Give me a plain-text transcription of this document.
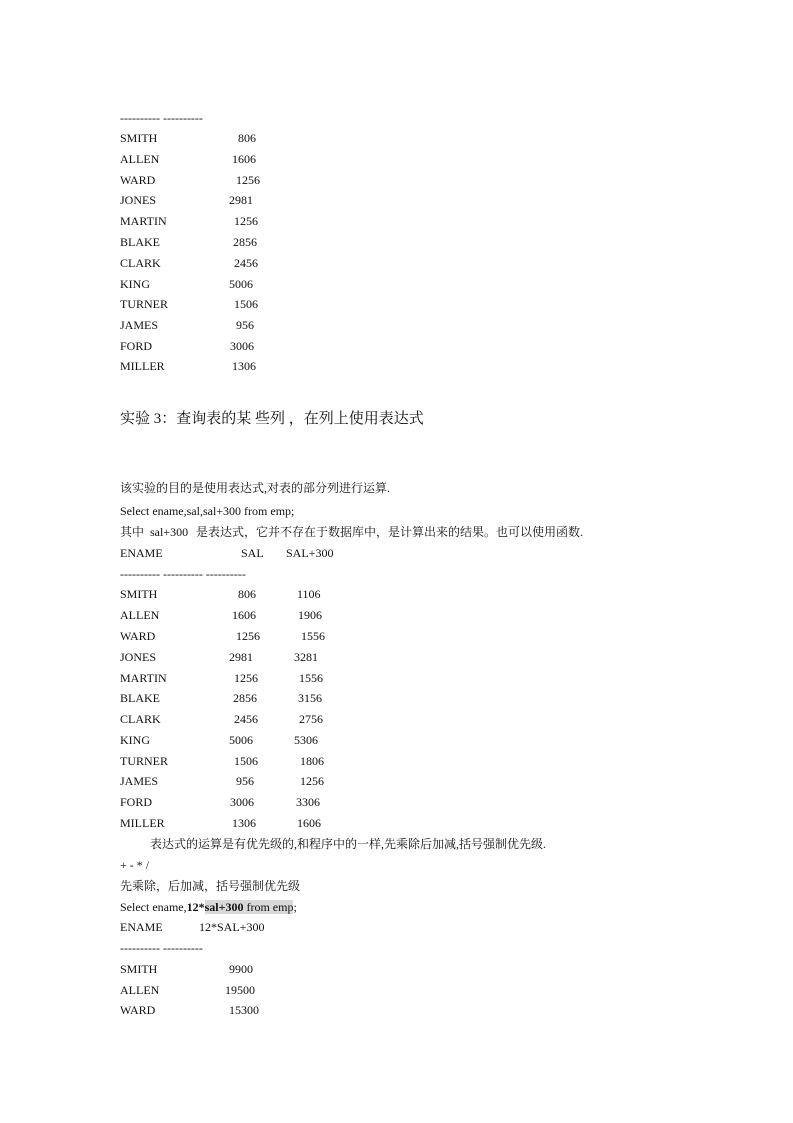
---------- ----------
SMITH	806
ALLEN	1606
WARD	1256
JONES	2981
MARTIN	1256
BLAKE	2856
CLARK	2456
KING	5006
TURNER	1506
JAMES	956
FORD	3006
MILLER	1306
实验 3：查询表的某 些列 ，在列上使用表达式
该实验的目的是使用表达式,对表的部分列进行运算.
Select ename,sal,sal+300 from emp;
其中 sal+300 是表达式，它并不存在于数据库中，是计算出来的结果。也可以使用函数.
ENAME	SAL SAL+300
---------- ---------- ----------
SMITH	806	1106
ALLEN	1606	1906
WARD	1256	1556
JONES	2981	3281
MARTIN	1256	1556
BLAKE	2856	3156
CLARK	2456	2756
KING	5006	5306
TURNER	1506	1806
JAMES	956	1256
FORD	3006	3306
MILLER	1306	1606
表达式的运算是有优先级的,和程序中的一样,先乘除后加减,括号强制优先级.
+ - * /
先乘除，后加减，括号强制优先级
Select ename,12*sal+300 from emp;
ENAME	12*SAL+300
---------- ----------
SMITH	9900
ALLEN	19500
WARD	15300
